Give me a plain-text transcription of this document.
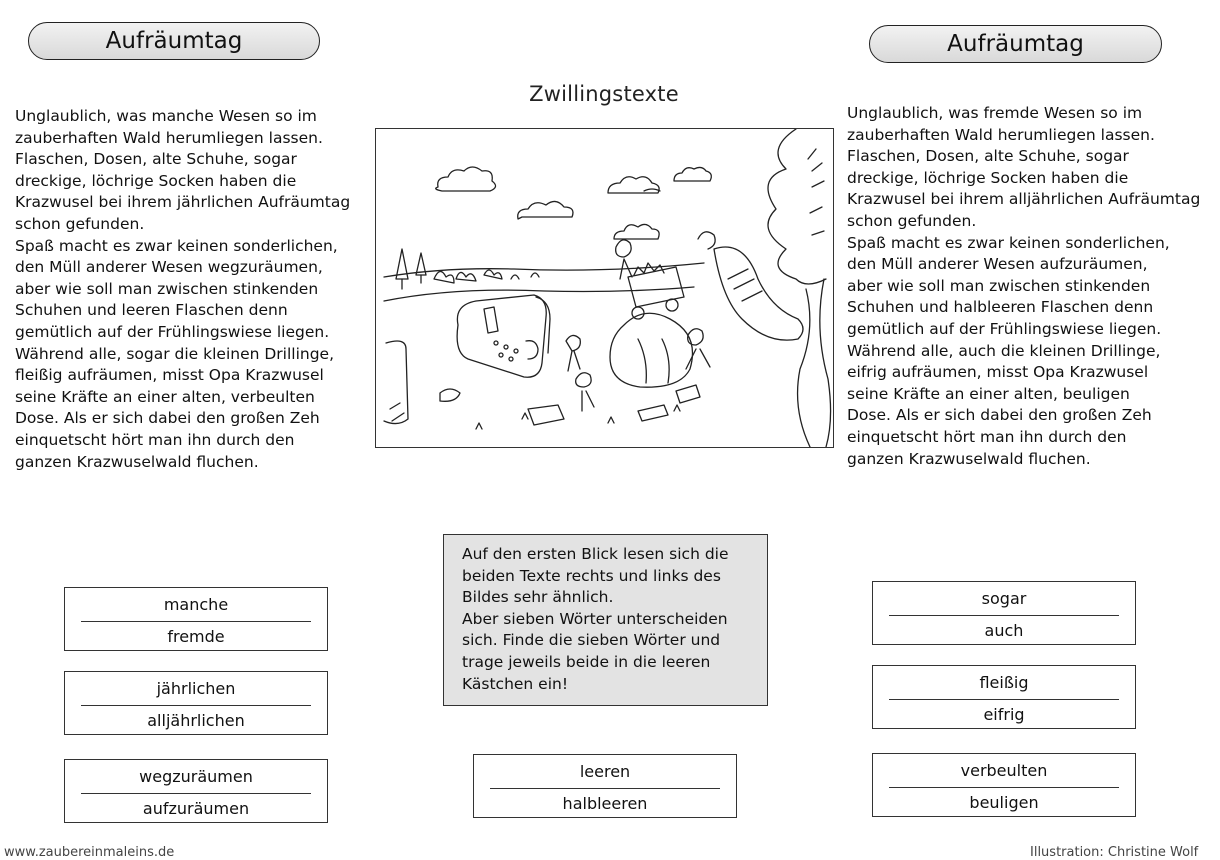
Aufräumtag	Aufräumtag
Zwillingstexte
Unglaublich, was manche Wesen so im
zauberhaften Wald herumliegen lassen.
Flaschen, Dosen, alte Schuhe, sogar
dreckige, löchrige Socken haben die
Krazwusel bei ihrem jährlichen Aufräumtag
schon gefunden.
Spaß macht es zwar keinen sonderlichen,
den Müll anderer Wesen wegzuräumen,
aber wie soll man zwischen stinkenden
Schuhen und leeren Flaschen denn
gemütlich auf der Frühlingswiese liegen.
Während alle, sogar die kleinen Drillinge,
fleißig aufräumen, misst Opa Krazwusel
seine Kräfte an einer alten, verbeulten
Dose. Als er sich dabei den großen Zeh
einquetscht hört man ihn durch den
ganzen Krazwuselwald fluchen.
Unglaublich, was fremde Wesen so im
zauberhaften Wald herumliegen lassen.
Flaschen, Dosen, alte Schuhe, sogar
dreckige, löchrige Socken haben die
Krazwusel bei ihrem alljährlichen Aufräumtag
schon gefunden.
Spaß macht es zwar keinen sonderlichen,
den Müll anderer Wesen aufzuräumen,
aber wie soll man zwischen stinkenden
Schuhen und halbleeren Flaschen denn
gemütlich auf der Frühlingswiese liegen.
Während alle, auch die kleinen Drillinge,
eifrig aufräumen, misst Opa Krazwusel
seine Kräfte an einer alten, beuligen
Dose. Als er sich dabei den großen Zeh
einquetscht hört man ihn durch den
ganzen Krazwuselwald fluchen.
Auf den ersten Blick lesen sich die
beiden Texte rechts und links des
Bildes sehr ähnlich.
Aber sieben Wörter unterscheiden
sich. Finde die sieben Wörter und
trage jeweils beide in die leeren
Kästchen ein!
manche
fremde
jährlichen
alljährlichen
wegzuräumen
aufzuräumen
leeren
halbleeren
sogar
auch
fleißig
eifrig
verbeulten
beuligen
www.zaubereinmaleins.de	Illustration: Christine Wolf
